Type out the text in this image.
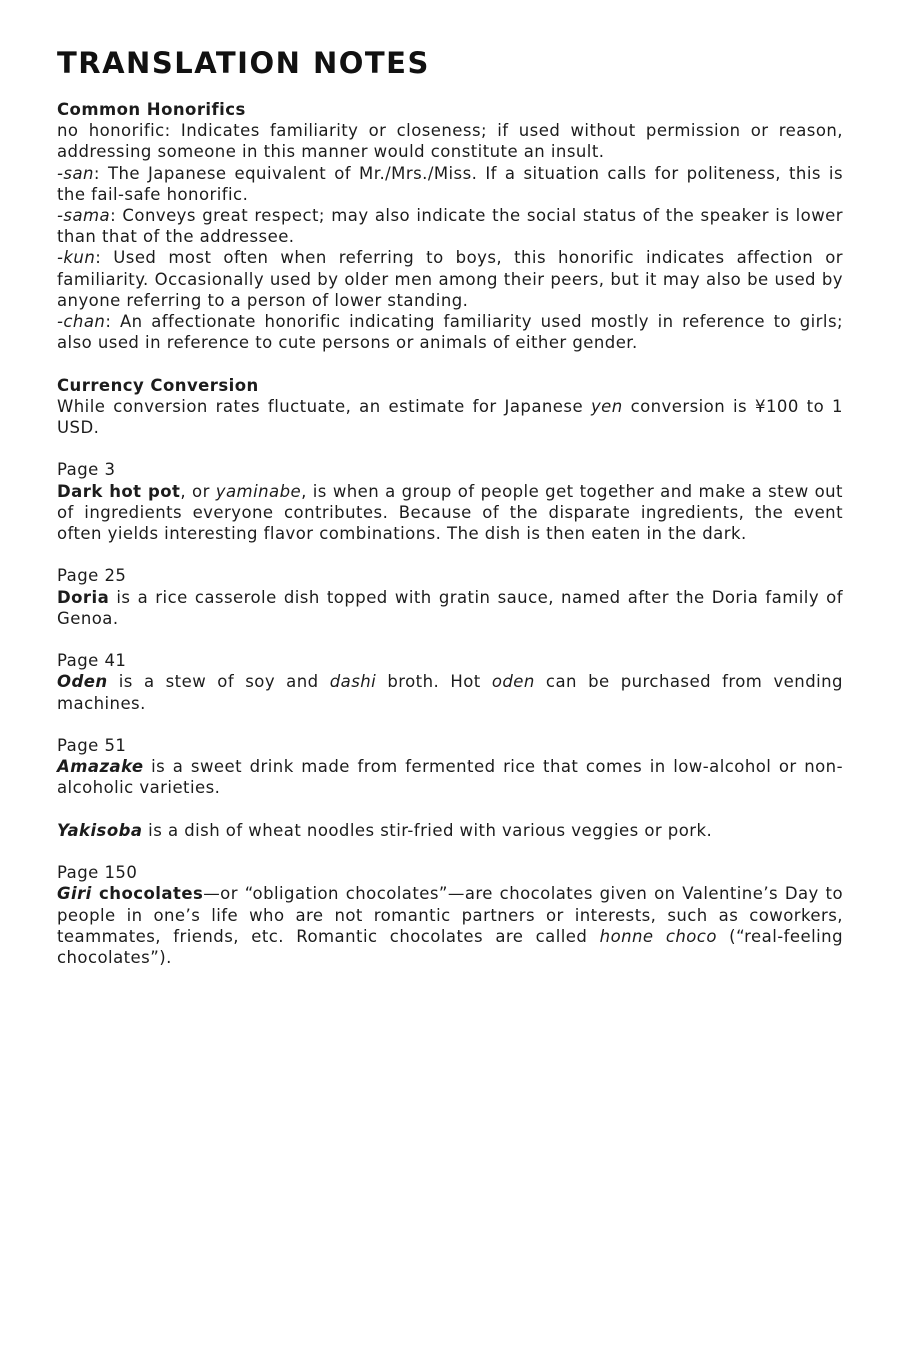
TRANSLATION NOTES

Common Honorifics

no honorific: Indicates familiarity or closeness; if used without permission or reason, addressing someone in this manner would constitute an insult.

-san: The Japanese equivalent of Mr./Mrs./Miss. If a situation calls for politeness, this is the fail-safe honorific.

-sama: Conveys great respect; may also indicate the social status of the speaker is lower than that of the addressee.

-kun: Used most often when referring to boys, this honorific indicates affection or familiarity. Occasionally used by older men among their peers, but it may also be used by anyone referring to a person of lower standing.

-chan: An affectionate honorific indicating familiarity used mostly in reference to girls; also used in reference to cute persons or animals of either gender.

Currency Conversion

While conversion rates fluctuate, an estimate for Japanese yen conversion is ¥100 to 1 USD.

Page 3

Dark hot pot, or yaminabe, is when a group of people get together and make a stew out of ingredients everyone contributes. Because of the disparate ingredients, the event often yields interesting flavor combinations. The dish is then eaten in the dark.

Page 25

Doria is a rice casserole dish topped with gratin sauce, named after the Doria family of Genoa.

Page 41

Oden is a stew of soy and dashi broth. Hot oden can be purchased from vending machines.

Page 51

Amazake is a sweet drink made from fermented rice that comes in low-alcohol or non-alcoholic varieties.

Yakisoba is a dish of wheat noodles stir-fried with various veggies or pork.

Page 150

Giri chocolates—or “obligation chocolates”—are chocolates given on Valentine’s Day to people in one’s life who are not romantic partners or interests, such as coworkers, teammates, friends, etc. Romantic chocolates are called honne choco (“real-feeling chocolates”).
